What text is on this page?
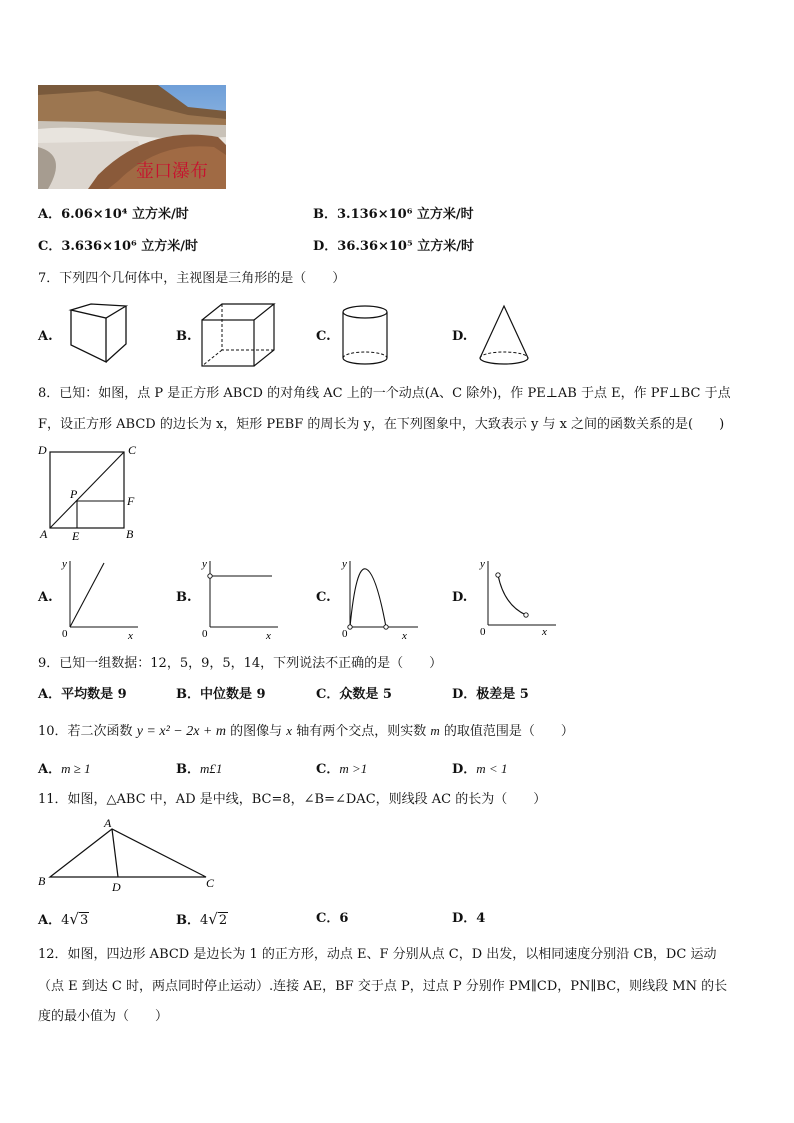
壶口瀑布
A．6.06×10⁴ 立方米/时	B．3.136×10⁶ 立方米/时
C．3.636×10⁶ 立方米/时	D．36.36×10⁵ 立方米/时
7．下列四个几何体中，主视图是三角形的是（　　）
A.	B.	C.	D.
8．已知：如图，点 P 是正方形 ABCD 的对角线 AC 上的一个动点(A、C 除外)，作 PE⊥AB 于点 E，作 PF⊥BC 于点
F，设正方形 ABCD 的边长为 x，矩形 PEBF 的周长为 y，在下列图象中，大致表示 y 与 x 之间的函数关系的是(　　)
D	C
P	F
A E	B
A.
y
x
0
B.
y
x
0
C.
y
x
0
D.
y
x
0
9．已知一组数据：12，5，9，5，14，下列说法不正确的是（　　）
A．平均数是 9	B．中位数是 9	C．众数是 5	D．极差是 5
10．若二次函数 y = x² − 2x + m 的图像与 x 轴有两个交点，则实数 m 的取值范围是（　　）
A．m ≥ 1	B．m£1	C．m >1	D．m < 1
11．如图，△ABC 中，AD 是中线，BC=8，∠B=∠DAC，则线段 AC 的长为（　　）
A
B	C
D
A．4√3	B．4√2	C．6	D．4
12．如图，四边形 ABCD 是边长为 1 的正方形，动点 E、F 分别从点 C，D 出发，以相同速度分别沿 CB，DC 运动
（点 E 到达 C 时，两点同时停止运动）.连接 AE，BF 交于点 P，过点 P 分别作 PM∥CD，PN∥BC，则线段 MN 的长
度的最小值为（　　）
